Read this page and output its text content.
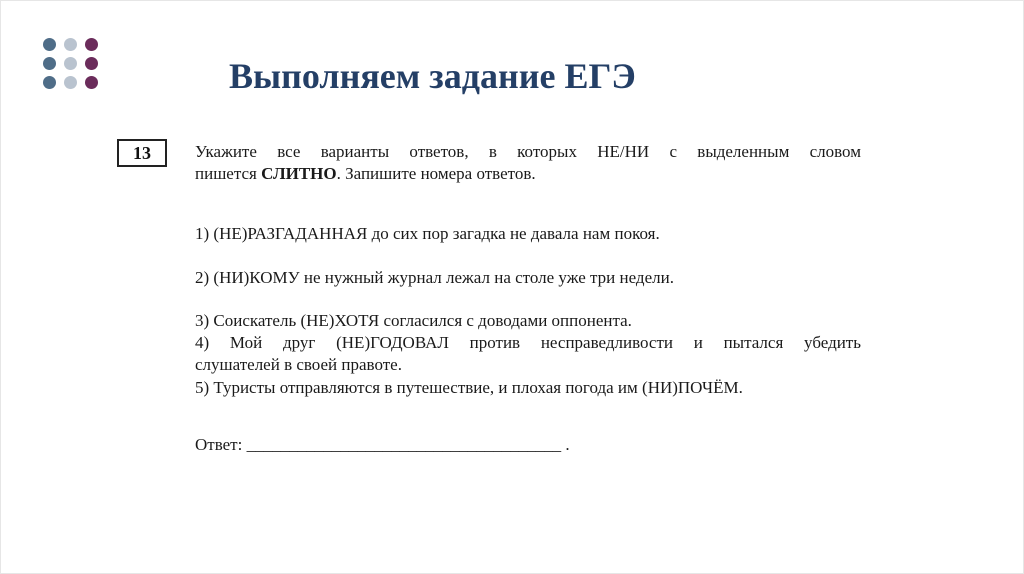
Выполняем задание ЕГЭ
13	Укажите все варианты ответов, в которых НЕ/НИ с выделенным словом
пишется СЛИТНО. Запишите номера ответов.
1) (НЕ)РАЗГАДАННАЯ до сих пор загадка не давала нам покоя.
2) (НИ)КОМУ не нужный журнал лежал на столе уже три недели.
3) Соискатель (НЕ)ХОТЯ согласился с доводами оппонента.
4) Мой друг (НЕ)ГОДОВАЛ против несправедливости и пытался убедить
слушателей в своей правоте.
5) Туристы отправляются в путешествие, и плохая погода им (НИ)ПОЧЁМ.
Ответ: _____________________________________ .
